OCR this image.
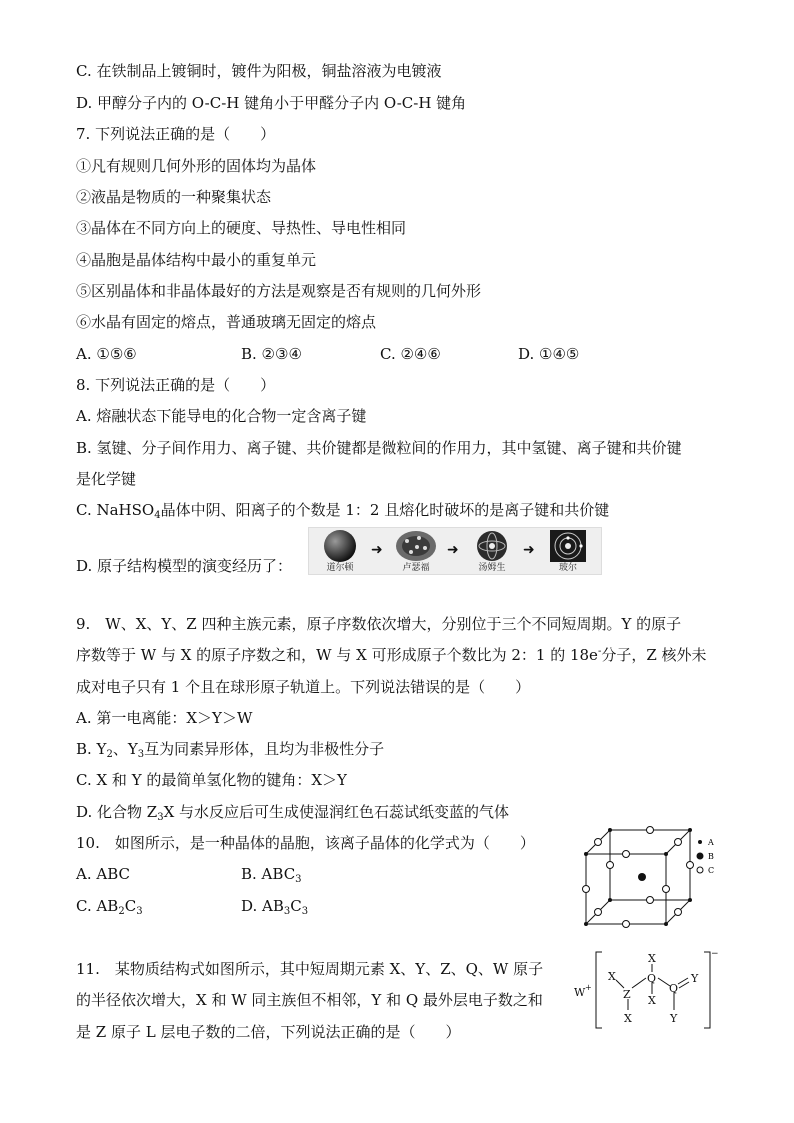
C. 在铁制品上镀铜时，镀件为阳极，铜盐溶液为电镀液
D. 甲醇分子内的 O-C-H 键角小于甲醛分子内 O-C-H 键角
7. 下列说法正确的是（　　）
①凡有规则几何外形的固体均为晶体
②液晶是物质的一种聚集状态
③晶体在不同方向上的硬度、导热性、导电性相同
④晶胞是晶体结构中最小的重复单元
⑤区别晶体和非晶体最好的方法是观察是否有规则的几何外形
⑥水晶有固定的熔点，普通玻璃无固定的熔点
A. ①⑤⑥	B. ②③④	C. ②④⑥	D. ①④⑤
8. 下列说法正确的是（　　）
A. 熔融状态下能导电的化合物一定含离子键
B. 氢键、分子间作用力、离子键、共价键都是微粒间的作用力，其中氢键、离子键和共价键
是化学键
C. NaHSO$_4$晶体中阴、阳离子的个数是 1：2 且熔化时破坏的是离子键和共价键
D. 原子结构模型的演变经历了：	道尔顿
➜
卢瑟福
➜
汤姆生
➜
玻尔
9.　W、X、Y、Z 四种主族元素，原子序数依次增大，分别位于三个不同短周期。Y 的原子
序数等于 W 与 X 的原子序数之和，W 与 X 可形成原子个数比为 2：1 的 18e-分子，Z 核外未
成对电子只有 1 个且在球形原子轨道上。下列说法错误的是（　　）
A. 第一电离能：X＞Y＞W
B. $Y_2$、$Y_3$互为同素异形体，且均为非极性分子
C. X 和 Y 的最简单氢化物的键角：X＞Y
D. 化合物 $Z_3X$ 与水反应后可生成使湿润红色石蕊试纸变蓝的气体
10.　如图所示，是一种晶体的晶胞，该离子晶体的化学式为（　　）
A. ABC	B. $ABC_3$
C. $AB_2C_3$	D. $AB_3C_3$
A
B
C
11.　某物质结构式如图所示，其中短周期元素 X、Y、Z、Q、W 原子
的半径依次增大，X 和 W 同主族但不相邻，Y 和 Q 最外层电子数之和
是 Z 原子 L 层电子数的二倍，下列说法正确的是（　　）
W +
−
X
Z
X
X
Q
X
Q
Y
Y
